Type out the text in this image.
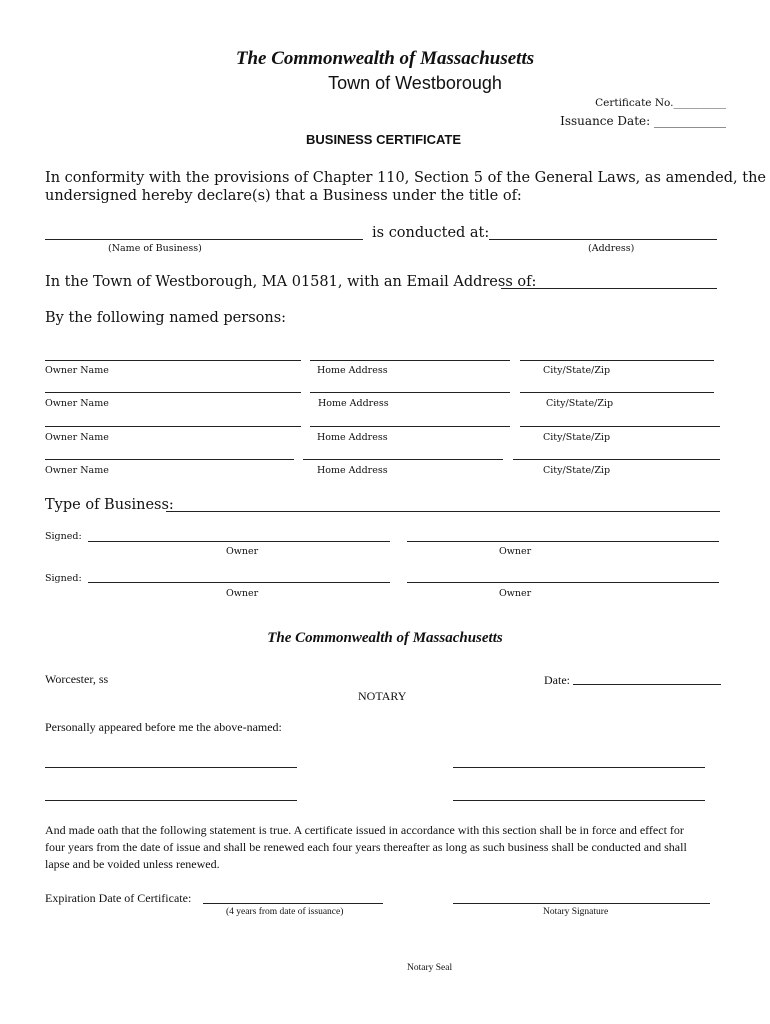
The Commonwealth of Massachusetts
Town of Westborough
Certificate No.__________
Issuance Date: ____________
BUSINESS CERTIFICATE
In conformity with the provisions of Chapter 110, Section 5 of the General Laws, as amended, the
undersigned hereby declare(s) that a Business under the title of:
is conducted at:
(Name of Business)	(Address)
In the Town of Westborough, MA 01581, with an Email Address of:
By the following named persons:
Owner Name	Home Address	City/State/Zip
Owner Name	Home Address	City/State/Zip
Owner Name	Home Address	City/State/Zip
Owner Name	Home Address	City/State/Zip
Type of Business:
Signed:
Owner	Owner
Signed:
Owner	Owner
The Commonwealth of Massachusetts
Worcester, ss	Date:
NOTARY
Personally appeared before me the above-named:
And made oath that the following statement is true. A certificate issued in accordance with this section shall be in force and effect for
four years from the date of issue and shall be renewed each four years thereafter as long as such business shall be conducted and shall
lapse and be voided unless renewed.
Expiration Date of Certificate:
(4 years from date of issuance)	Notary Signature
Notary Seal
